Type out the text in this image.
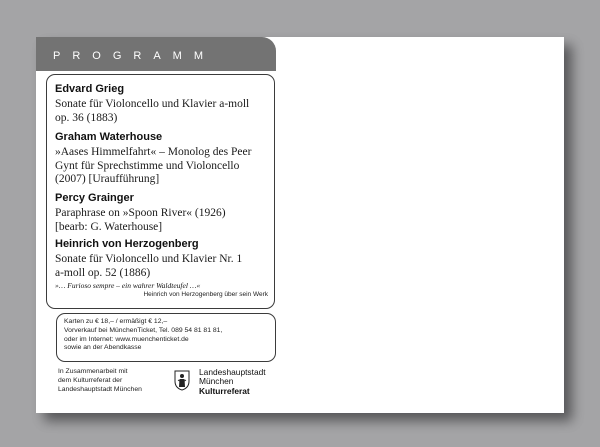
PROGRAMM
Edvard Grieg
Sonate für Violoncello und Klavier a-moll
op. 36 (1883)
Graham Waterhouse
»Aases Himmelfahrt« – Monolog des Peer
Gynt für Sprechstimme und Violoncello
(2007) [Uraufführung]
Percy Grainger
Paraphrase on »Spoon River« (1926)
[bearb: G. Waterhouse]
Heinrich von Herzogenberg
Sonate für Violoncello und Klavier Nr. 1
a-moll op. 52 (1886)
»… Furioso sempre – ein wahrer Waldteufel …«
Heinrich von Herzogenberg über sein Werk
Karten zu € 18,– / ermäßigt € 12,–
Vorverkauf bei MünchenTicket, Tel. 089 54 81 81 81,
oder im Internet: www.muenchenticket.de
sowie an der Abendkasse
In Zusammenarbeit mit
dem Kulturreferat der
Landeshauptstadt München
Landeshauptstadt
München
Kulturreferat
